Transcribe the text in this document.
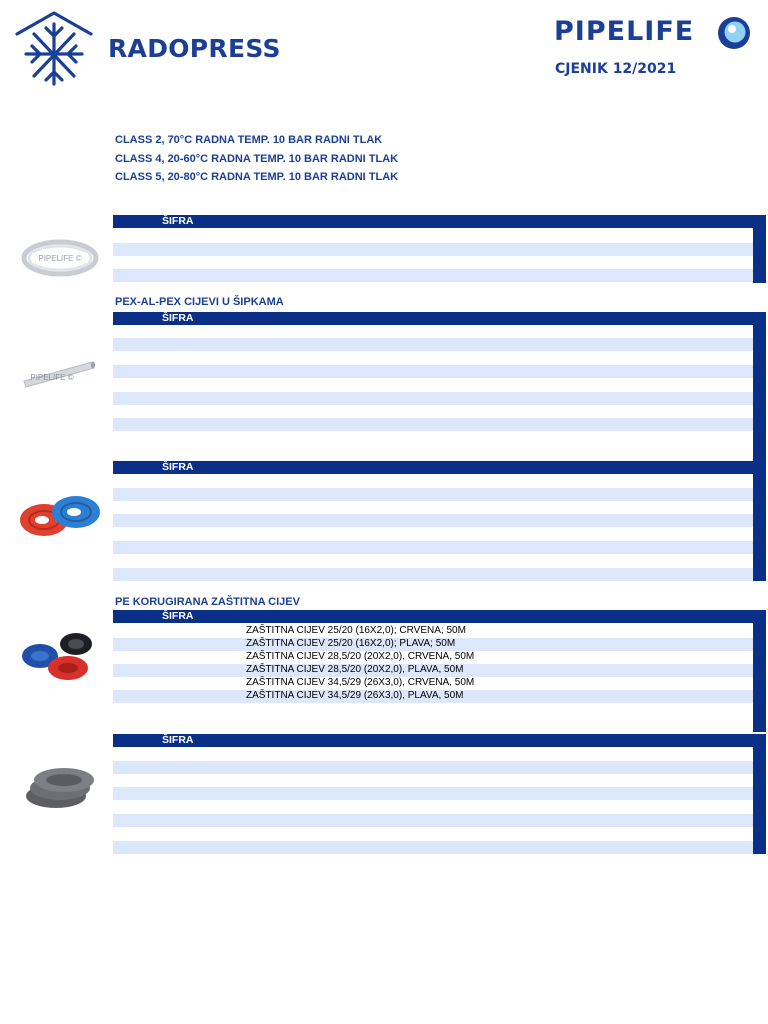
RADOPRESS
PIPELIFE
CJENIK 12/2021
CLASS 2, 70°C RADNA TEMP. 10 BAR RADNI TLAK
CLASS 4, 20-60°C RADNA TEMP. 10 BAR RADNI TLAK
CLASS 5, 20-80°C RADNA TEMP. 10 BAR RADNI TLAK
PIPELIFE ©
ŠIFRA
PEX-AL-PEX CIJEVI U ŠIPKAMA
PIPELIFE ©
ŠIFRA
ŠIFRA
PE KORUGIRANA ZAŠTITNA CIJEV
ŠIFRA
ZAŠTITNA CIJEV 25/20 (16X2,0); CRVENA; 50M
ZAŠTITNA CIJEV 25/20 (16X2,0); PLAVA; 50M
ZAŠTITNA CIJEV 28,5/20 (20X2,0), CRVENA, 50M
ZAŠTITNA CIJEV 28,5/20 (20X2,0), PLAVA, 50M
ZAŠTITNA CIJEV 34,5/29 (26X3,0), CRVENA, 50M
ZAŠTITNA CIJEV 34,5/29 (26X3,0), PLAVA, 50M
ŠIFRA
